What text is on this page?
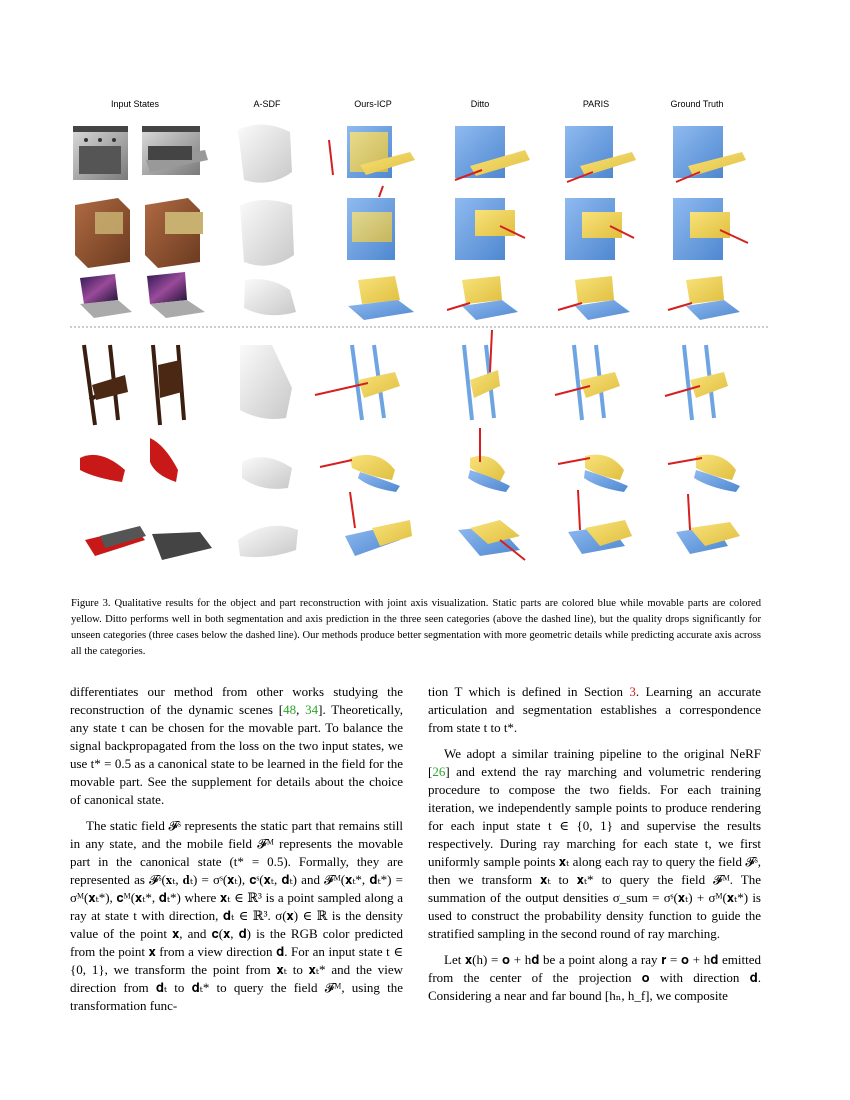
Input States	A-SDF	Ours-ICP	Ditto	PARIS	Ground Truth
Figure 3. Qualitative results for the object and part reconstruction with joint axis visualization. Static parts are colored blue while movable parts are colored yellow. Ditto performs well in both segmentation and axis prediction in the three seen categories (above the dashed line), but the quality drops significantly for unseen categories (three cases below the dashed line). Our methods produce better segmentation with more geometric details while predicting accurate axis across all the categories.

differentiates our method from other works studying the reconstruction of the dynamic scenes [48, 34]. Theoretically, any state t can be chosen for the movable part. To balance the signal backpropagated from the loss on the two input states, we use t* = 0.5 as a canonical state to be learned in the field for the movable part. See the supplement for details about the choice of canonical state.

The static field 𝓕ˢ represents the static part that remains still in any state, and the mobile field 𝓕ᴹ represents the movable part in the canonical state (t* = 0.5). Formally, they are represented as 𝓕ˢ(𝐱ₜ, 𝐝ₜ) = σˢ(𝐱ₜ), 𝐜ˢ(𝐱ₜ, 𝐝ₜ) and 𝓕ᴹ(𝐱ₜ*, 𝐝ₜ*) = σᴹ(𝐱ₜ*), 𝐜ᴹ(𝐱ₜ*, 𝐝ₜ*) where 𝐱ₜ ∈ ℝ³ is a point sampled along a ray at state t with direction, 𝐝ₜ ∈ ℝ³. σ(𝐱) ∈ ℝ is the density value of the point 𝐱, and 𝐜(𝐱, 𝐝) is the RGB color predicted from the point 𝐱 from a view direction 𝐝. For an input state t ∈ {0, 1}, we transform the point from 𝐱ₜ to 𝐱ₜ* and the view direction from 𝐝ₜ to 𝐝ₜ* to query the field 𝓕ᴹ, using the transformation func-

tion T which is defined in Section 3. Learning an accurate articulation and segmentation establishes a correspondence from state t to t*.

We adopt a similar training pipeline to the original NeRF [26] and extend the ray marching and volumetric rendering procedure to compose the two fields. For each training iteration, we independently sample points to produce rendering for each input state t ∈ {0, 1} and supervise the results respectively. During ray marching for each state t, we first uniformly sample points 𝐱ₜ along each ray to query the field 𝓕ˢ, then we transform 𝐱ₜ to 𝐱ₜ* to query the field 𝓕ᴹ. The summation of the output densities σ_sum = σˢ(𝐱ₜ) + σᴹ(𝐱ₜ*) is used to construct the probability density function to guide the stratified sampling in the second round of ray marching.

Let 𝐱(h) = 𝐨 + h𝐝 be a point along a ray 𝐫 = 𝐨 + h𝐝 emitted from the center of the projection 𝐨 with direction 𝐝. Considering a near and far bound [hₙ, h_f], we composite
